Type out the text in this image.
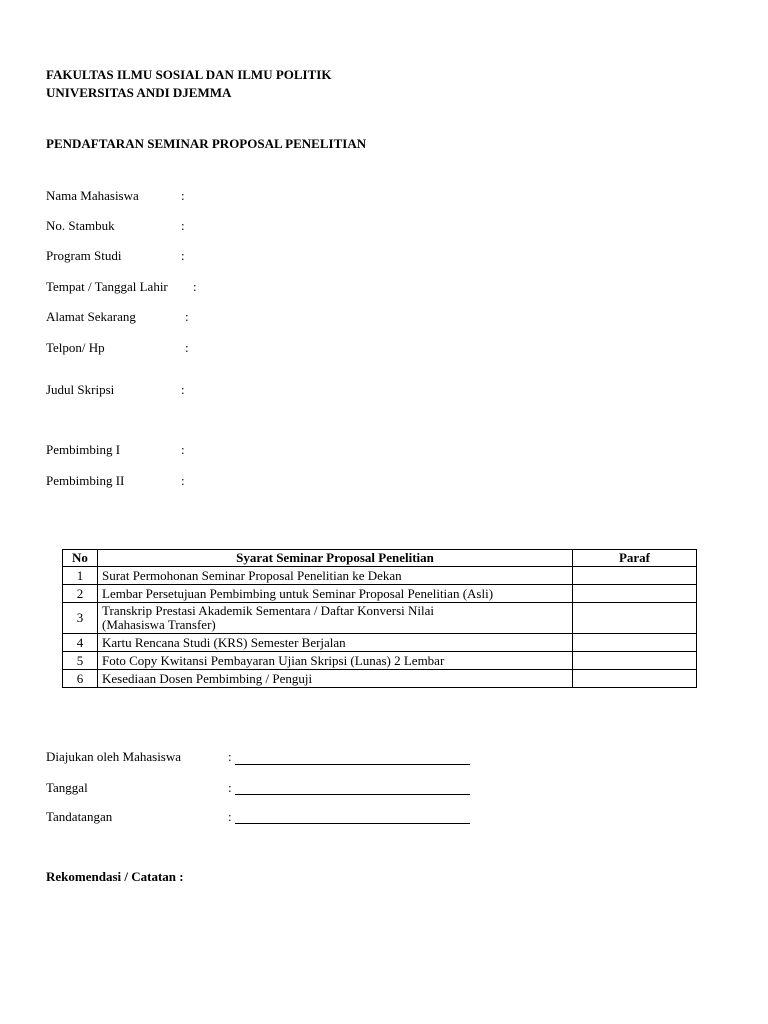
FAKULTAS ILMU SOSIAL DAN ILMU POLITIK
UNIVERSITAS ANDI DJEMMA
PENDAFTARAN SEMINAR PROPOSAL PENELITIAN
Nama Mahasiswa	:
No. Stambuk	:
Program Studi	:
Tempat / Tanggal Lahir :
Alamat Sekarang	:
Telpon/ Hp	:
Judul Skripsi	:
Pembimbing I	:
Pembimbing II	:
No	Syarat Seminar Proposal Penelitian	Paraf
1	Surat Permohonan Seminar Proposal Penelitian ke Dekan	
2	Lembar Persetujuan Pembimbing untuk Seminar Proposal Penelitian (Asli)	
3	Transkrip Prestasi Akademik Sementara / Daftar Konversi Nilai
(Mahasiswa Transfer)	

4	Kartu Rencana Studi (KRS) Semester Berjalan	
5	Foto Copy Kwitansi Pembayaran Ujian Skripsi (Lunas) 2 Lembar	
6	Kesediaan Dosen Pembimbing / Penguji	
Diajukan oleh Mahasiswa	:
Tanggal	:
Tandatangan	:
Rekomendasi / Catatan :
